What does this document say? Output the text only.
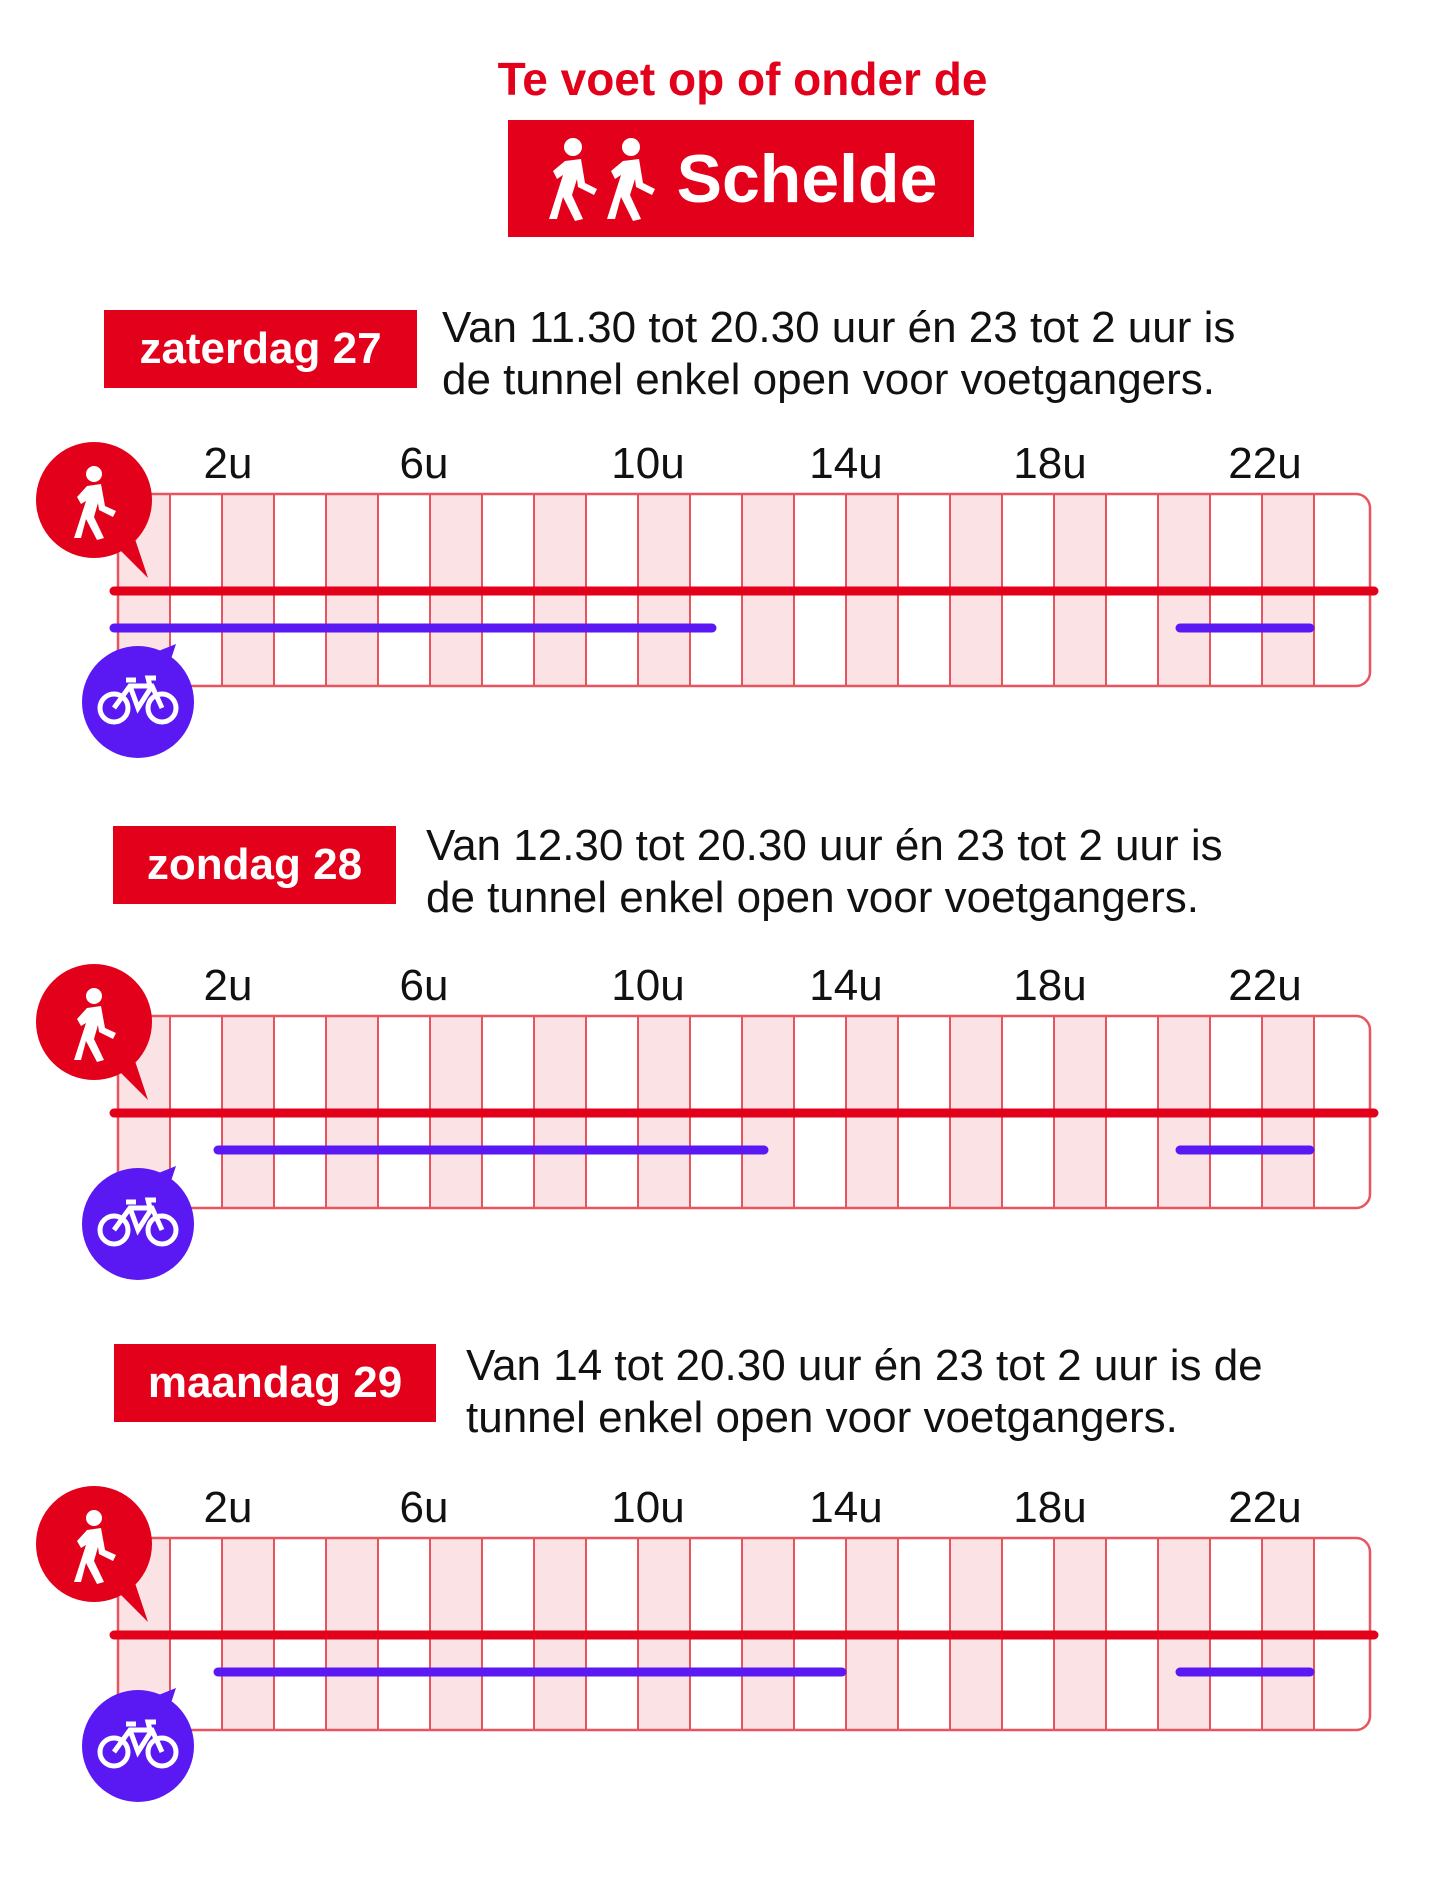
Te voet op of onder de
Schelde
zaterdag 27	Van 11.30 tot 20.30 uur én 23 tot 2 uur is
de tunnel enkel open voor voetgangers.
2u	6u	10u	14u	18u	22u
zondag 28	Van 12.30 tot 20.30 uur én 23 tot 2 uur is
de tunnel enkel open voor voetgangers.
2u	6u	10u	14u	18u	22u
maandag 29	Van 14 tot 20.30 uur én 23 tot 2 uur is de
tunnel enkel open voor voetgangers.
2u	6u	10u	14u	18u	22u
